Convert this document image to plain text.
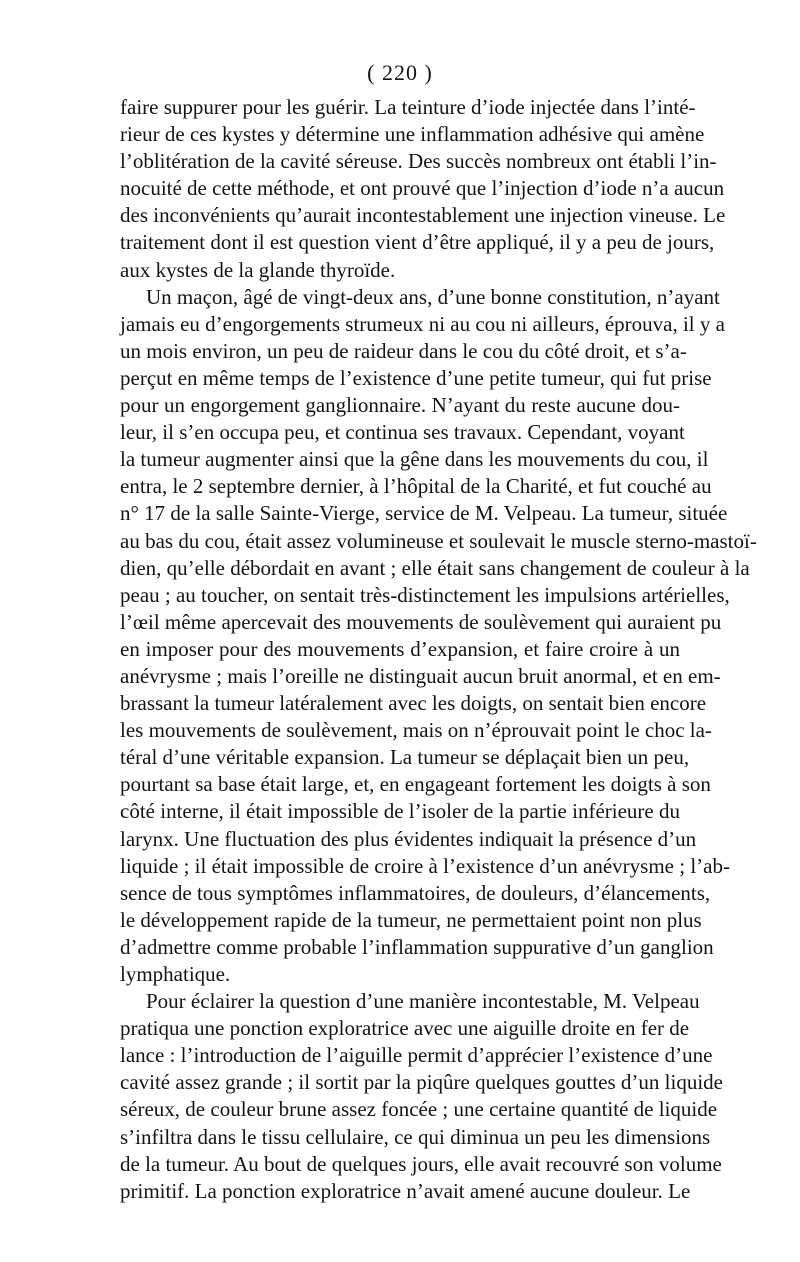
( 220 )
faire suppurer pour les guérir. La teinture d’iode injectée dans l’inté-
rieur de ces kystes y détermine une inflammation adhésive qui amène
l’oblitération de la cavité séreuse. Des succès nombreux ont établi l’in-
nocuité de cette méthode, et ont prouvé que l’injection d’iode n’a aucun
des inconvénients qu’aurait incontestablement une injection vineuse. Le
traitement dont il est question vient d’être appliqué, il y a peu de jours,
aux kystes de la glande thyroïde.
Un maçon, âgé de vingt-deux ans, d’une bonne constitution, n’ayant
jamais eu d’engorgements strumeux ni au cou ni ailleurs, éprouva, il y a
un mois environ, un peu de raideur dans le cou du côté droit, et s’a-
perçut en même temps de l’existence d’une petite tumeur, qui fut prise
pour un engorgement ganglionnaire. N’ayant du reste aucune dou-
leur, il s’en occupa peu, et continua ses travaux. Cependant, voyant
la tumeur augmenter ainsi que la gêne dans les mouvements du cou, il
entra, le 2 septembre dernier, à l’hôpital de la Charité, et fut couché au
n° 17 de la salle Sainte-Vierge, service de M. Velpeau. La tumeur, située
au bas du cou, était assez volumineuse et soulevait le muscle sterno-mastoï-
dien, qu’elle débordait en avant ; elle était sans changement de couleur à la
peau ; au toucher, on sentait très-distinctement les impulsions artérielles,
l’œil même apercevait des mouvements de soulèvement qui auraient pu
en imposer pour des mouvements d’expansion, et faire croire à un
anévrysme ; mais l’oreille ne distinguait aucun bruit anormal, et en em-
brassant la tumeur latéralement avec les doigts, on sentait bien encore
les mouvements de soulèvement, mais on n’éprouvait point le choc la-
téral d’une véritable expansion. La tumeur se déplaçait bien un peu,
pourtant sa base était large, et, en engageant fortement les doigts à son
côté interne, il était impossible de l’isoler de la partie inférieure du
larynx. Une fluctuation des plus évidentes indiquait la présence d’un
liquide ; il était impossible de croire à l’existence d’un anévrysme ; l’ab-
sence de tous symptômes inflammatoires, de douleurs, d’élancements,
le développement rapide de la tumeur, ne permettaient point non plus
d’admettre comme probable l’inflammation suppurative d’un ganglion
lymphatique.
Pour éclairer la question d’une manière incontestable, M. Velpeau
pratiqua une ponction exploratrice avec une aiguille droite en fer de
lance : l’introduction de l’aiguille permit d’apprécier l’existence d’une
cavité assez grande ; il sortit par la piqûre quelques gouttes d’un liquide
séreux, de couleur brune assez foncée ; une certaine quantité de liquide
s’infiltra dans le tissu cellulaire, ce qui diminua un peu les dimensions
de la tumeur. Au bout de quelques jours, elle avait recouvré son volume
primitif. La ponction exploratrice n’avait amené aucune douleur. Le
